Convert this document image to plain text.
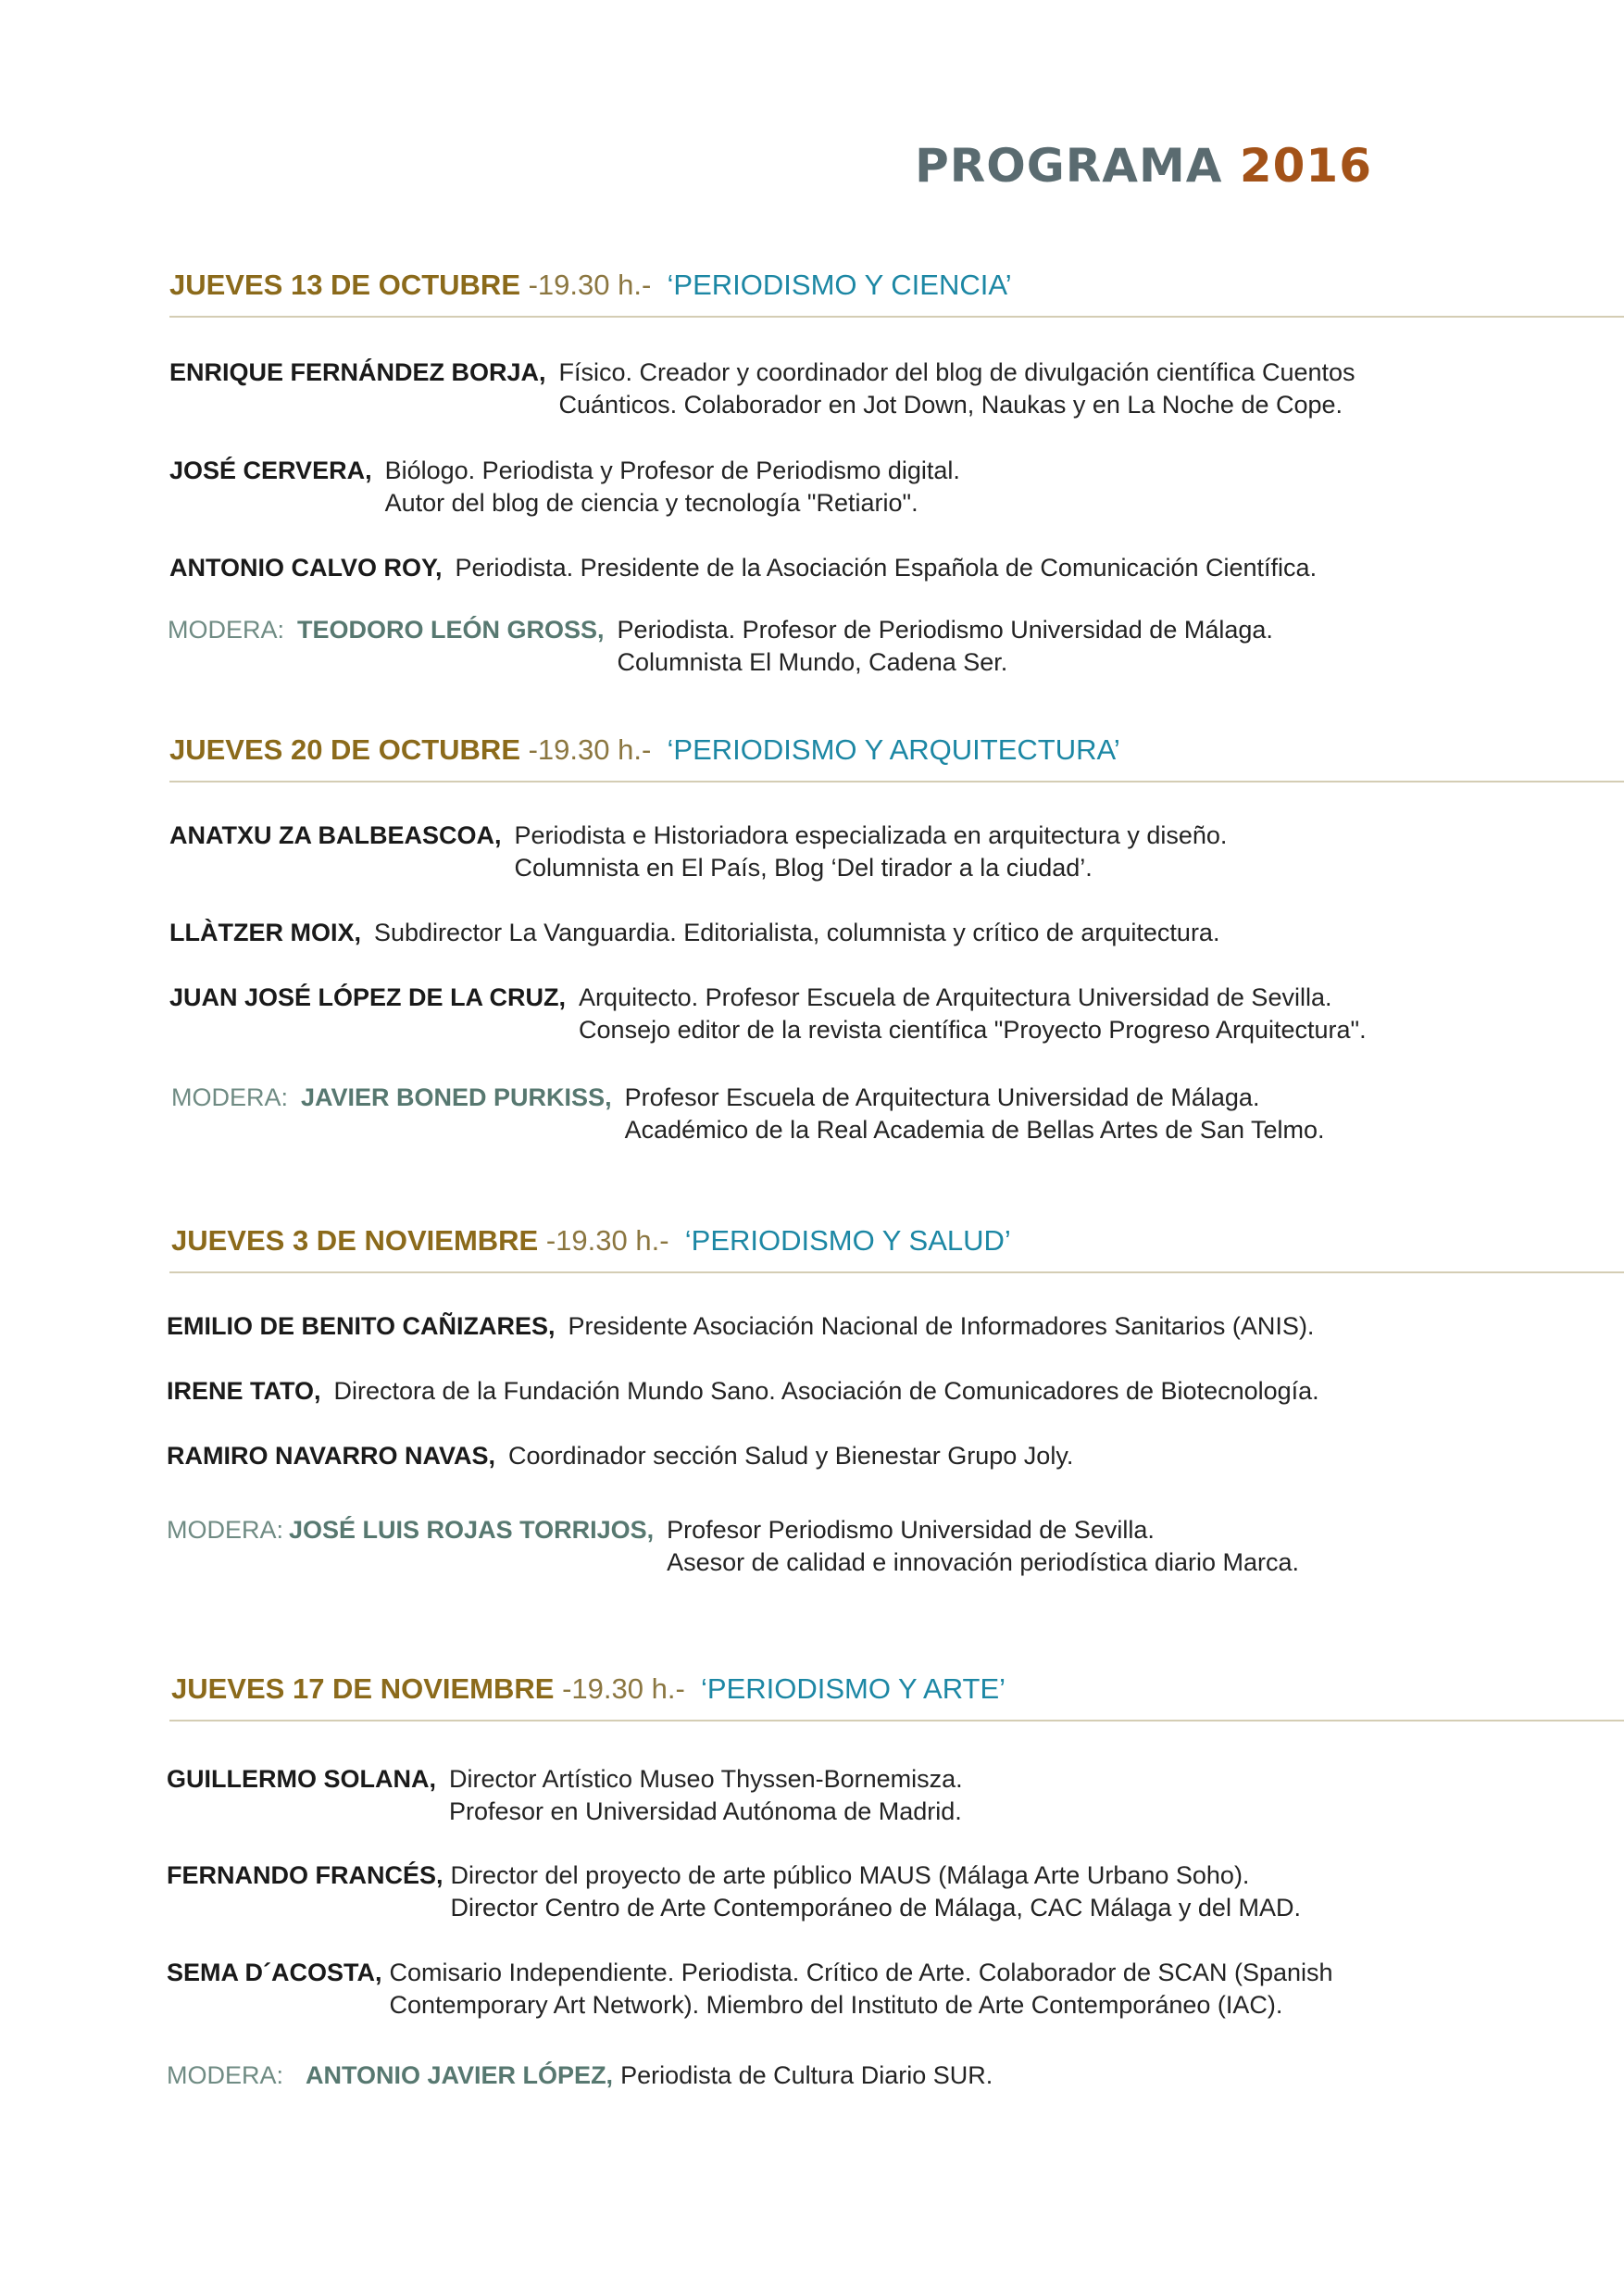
PROGRAMA 2016
JUEVES 13 DE OCTUBRE -19.30 h.- ‘PERIODISMO Y CIENCIA’
ENRIQUE FERNÁNDEZ BORJA, Físico. Creador y coordinador del blog de divulgación científica Cuentos
Cuánticos. Colaborador en Jot Down, Naukas y en La Noche de Cope.
JOSÉ CERVERA, Biólogo. Periodista y Profesor de Periodismo digital.
Autor del blog de ciencia y tecnología "Retiario".
ANTONIO CALVO ROY, Periodista. Presidente de la Asociación Española de Comunicación Científica.
MODERA: TEODORO LEÓN GROSS, Periodista. Profesor de Periodismo Universidad de Málaga.
Columnista El Mundo, Cadena Ser.
JUEVES 20 DE OCTUBRE -19.30 h.- ‘PERIODISMO Y ARQUITECTURA’
ANATXU ZA BALBEASCOA, Periodista e Historiadora especializada en arquitectura y diseño.
Columnista en El País, Blog ‘Del tirador a la ciudad’.
LLÀTZER MOIX, Subdirector La Vanguardia. Editorialista, columnista y crítico de arquitectura.
JUAN JOSÉ LÓPEZ DE LA CRUZ, Arquitecto. Profesor Escuela de Arquitectura Universidad de Sevilla.
Consejo editor de la revista científica "Proyecto Progreso Arquitectura".
MODERA: JAVIER BONED PURKISS, Profesor Escuela de Arquitectura Universidad de Málaga.
Académico de la Real Academia de Bellas Artes de San Telmo.
JUEVES 3 DE NOVIEMBRE -19.30 h.- ‘PERIODISMO Y SALUD’
EMILIO DE BENITO CAÑIZARES, Presidente Asociación Nacional de Informadores Sanitarios (ANIS).
IRENE TATO, Directora de la Fundación Mundo Sano. Asociación de Comunicadores de Biotecnología.
RAMIRO NAVARRO NAVAS, Coordinador sección Salud y Bienestar Grupo Joly.
MODERA: JOSÉ LUIS ROJAS TORRIJOS, Profesor Periodismo Universidad de Sevilla.
Asesor de calidad e innovación periodística diario Marca.
JUEVES 17 DE NOVIEMBRE -19.30 h.- ‘PERIODISMO Y ARTE’
GUILLERMO SOLANA, Director Artístico Museo Thyssen-Bornemisza.
Profesor en Universidad Autónoma de Madrid.
FERNANDO FRANCÉS, Director del proyecto de arte público MAUS (Málaga Arte Urbano Soho).
Director Centro de Arte Contemporáneo de Málaga, CAC Málaga y del MAD.
SEMA D´ACOSTA, Comisario Independiente. Periodista. Crítico de Arte. Colaborador de SCAN (Spanish
Contemporary Art Network). Miembro del Instituto de Arte Contemporáneo (IAC).
MODERA: ANTONIO JAVIER LÓPEZ, Periodista de Cultura Diario SUR.
